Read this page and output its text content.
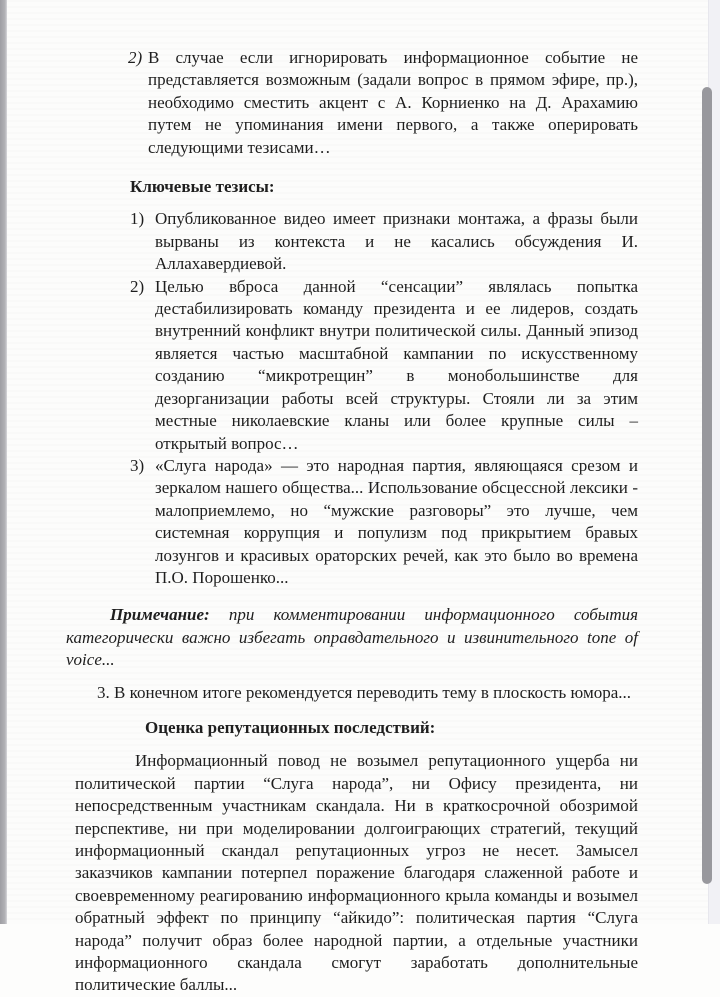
2) В случае если игнорировать информационное событие не представляется возможным (задали вопрос в прямом эфире, пр.), необходимо сместить акцент с А. Корниенко на Д. Арахамию путем не упоминания имени первого, а также оперировать следующими тезисами…
Ключевые тезисы:
1) Опубликованное видео имеет признаки монтажа, а фразы были вырваны из контекста и не касались обсуждения И. Аллахавердиевой.
2) Целью вброса данной “сенсации” являлась попытка дестабилизировать команду президента и ее лидеров, создать внутренний конфликт внутри политической силы. Данный эпизод является частью масштабной кампании по искусственному созданию “микротрещин” в монобольшинстве для дезорганизации работы всей структуры. Стояли ли за этим местные николаевские кланы или более крупные силы – открытый вопрос…
3) «Слуга народа» — это народная партия, являющаяся срезом и зеркалом нашего общества... Использование обсцессной лексики - малоприемлемо, но “мужские разговоры” это лучше, чем системная коррупция и популизм под прикрытием бравых лозунгов и красивых ораторских речей, как это было во времена П.О. Порошенко...

Примечание: при комментировании информационного события категорически важно избегать оправдательного и извинительного tone of voice...

3. В конечном итоге рекомендуется переводить тему в плоскость юмора...

Оценка репутационных последствий:

Информационный повод не возымел репутационного ущерба ни политической партии “Слуга народа”, ни Офису президента, ни непосредственным участникам скандала. Ни в краткосрочной обозримой перспективе, ни при моделировании долгоиграющих стратегий, текущий информационный скандал репутационных угроз не несет. Замысел заказчиков кампании потерпел поражение благодаря слаженной работе и своевременному реагированию информационного крыла команды и возымел обратный эффект по принципу “айкидо”: политическая партия “Слуга народа” получит образ более народной партии, а отдельные участники информационного скандала смогут заработать дополнительные политические баллы...
